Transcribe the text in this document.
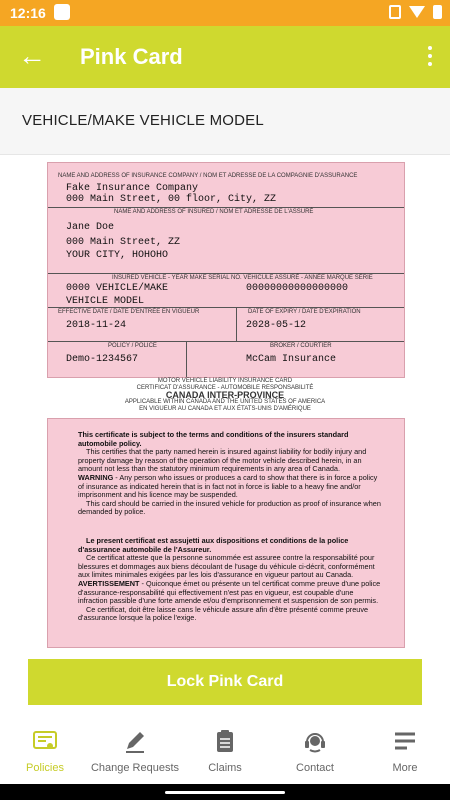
12:16
← Pink Card
VEHICLE/MAKE VEHICLE MODEL
NAME AND ADDRESS OF INSURANCE COMPANY / NOM ET ADRESSE DE LA COMPAGNIE D'ASSURANCE
Fake Insurance Company
000 Main Street, 00 floor, City, ZZ
NAME AND ADDRESS OF INSURED / NOM ET ADRESSE DE L'ASSURÉ
Jane Doe
000 Main Street, ZZ
YOUR CITY, HOHOHO
INSURED VEHICLE - YEAR MAKE SERIAL NO. VEHICULE ASSURÉ - ANNÉE MARQUE SÉRIE
0000 VEHICLE/MAKE	00000000000000000
VEHICLE MODEL
EFFECTIVE DATE / DATE D'ENTRÉE EN VIGUEUR	DATE OF EXPIRY / DATE D'EXPIRATION
2018-11-24	2028-05-12
POLICY / POLICE	BROKER / COURTIER
Demo-1234567	McCam Insurance
MOTOR VEHICLE LIABILITY INSURANCE CARD
CERTIFICAT D'ASSURANCE - AUTOMOBILE RESPONSABILITÉ
CANADA INTER-PROVINCE
APPLICABLE WITHIN CANADA AND THE UNITED STATES OF AMERICA
EN VIGUEUR AU CANADA ET AUX ÉTATS-UNIS D'AMÉRIQUE
This certificate is subject to the terms and conditions of the insurers standard automobile policy.
This certifies that the party named herein is insured against liability for bodily injury and property damage by reason of the operation of the motor vehicle described herein, in an amount not less than the statutory minimum requirements in any area of Canada.
WARNING - Any person who issues or produces a card to show that there is in force a policy of insurance as indicated herein that is in fact not in force is liable to a heavy fine and/or imprisonment and his licence may be suspended.
This card should be carried in the insured vehicle for production as proof of insurance when demanded by police.
Le present certificat est assujetti aux dispositions et conditions de la police d'assurance automobile de l'Assureur.
Ce certificat atteste que la personne sunommée est assuree contre la responsabilité pour blessures et dommages aux biens découlant de l'usage du véhicule ci-décrit, conformément aux limites minimales exigées par les lois d'assurance en vigueur partout au Canada.
AVERTISSEMENT - Quiconque émet ou présente un tel certificat comme preuve d'une police d'assurance-responsabilité qui effectivement n'est pas en vigueur, est coupable d'une infraction passible d'une forte amende et/ou d'emprisonnement et suspension de son permis.
Ce certificat, doit être laisse cans le véhicule assure afin d'être présenté comme preuve d'assurance lorsque la police l'exige.
Lock Pink Card
Policies	Change Requests	Claims	Contact	More
